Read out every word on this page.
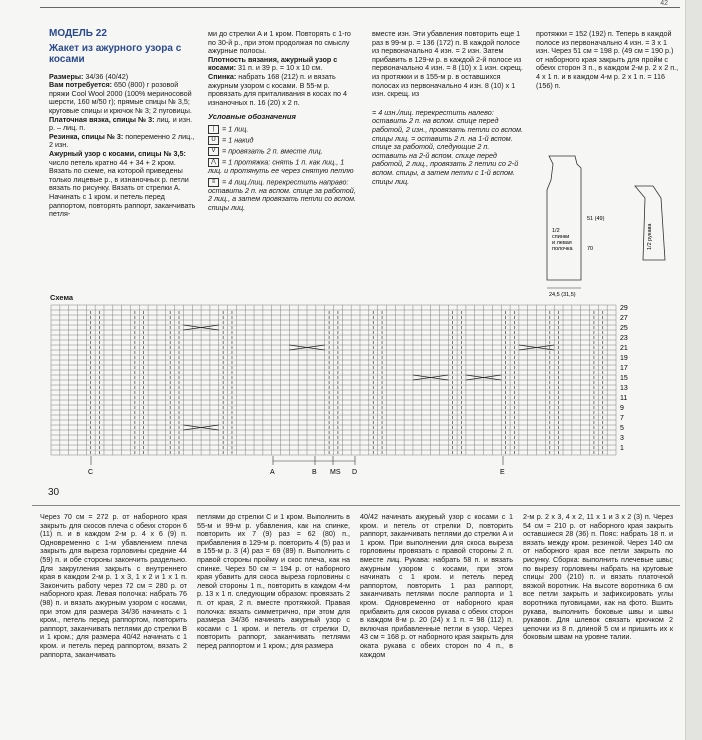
42
МОДЕЛЬ 22
Жакет из ажурного узора с косами

Размеры: 34/36 (40/42)

Вам потребуется: 650 (800) г розовой пряжи Cool Wool 2000 (100% мериносовой шерсти, 160 м/50 г); прямые спицы № 3,5; круговые спицы и крючок № 3; 2 пуговицы.

Платочная вязка, спицы № 3: лиц. и изн. р. – лиц. п.

Резинка, спицы № 3: попеременно 2 лиц., 2 изн.

Ажурный узор с косами, спицы № 3,5: число петель кратно 44 + 34 + 2 кром. Вязать по схеме, на которой приведены только лицевые р., в изнаночных р. петли вязать по рисунку. Вязать от стрелки А. Начинать с 1 кром. и петель перед раппортом, повторять раппорт, заканчивать петля-

ми до стрелки A и 1 кром. Повторять с 1-го по 30-й р., при этом продолжая по смыслу ажурные полосы.

Плотность вязания, ажурный узор с косами: 31 п. и 39 р. = 10 х 10 см.

Спинка: набрать 168 (212) п. и вязать ажурным узором с косами. В 55-м р. провязать для приталивания в косах по 4 изнаночных п. 16 (20) х 2 п.

Условные обозначения

| = 1 лиц.

U = 1 накид

V = провязать 2 п. вместе лиц.

⋀ = 1 протяжка: снять 1 п. как лиц., 1 лиц. и протянуть ее через снятую петлю

≡ = 4 лиц./лиц. перекрестить направо: оставить 2 п. на вспом. спице за работой, 2 лиц., а затем провязать петли со вспом. спицы лиц.

вместе изн. Эти убавления повторить еще 1 раз в 99-м р. = 136 (172) п. В каждой полосе из первоначально 4 изн. = 2 изн. Затем прибавить в 129-м р. в каждой 2-й полосе из первоначально 4 изн. = 8 (10) х 1 изн. скрещ. из протяжки и в 155-м р. в оставшихся полосах из первоначально 4 изн. 8 (10) х 1 изн. скрещ. из

= 4 изн./лиц. перекрестить налево: оставить 2 п. на вспом. спице перед работой, 2 изн., провязать петли со вспом. спицы лиц. = оставить 2 п. на 1-й вспом. спице за работой, следующие 2 п. оставить на 2-й вспом. спице перед работой, 2 лиц., провязать 2 петли со 2-й вспом. спицы, а затем петли с 1-й вспом. спицы лиц.

протяжки = 152 (192) п. Теперь в каждой полосе из первоначально 4 изн. = 3 х 1 изн. Через 51 см = 198 р. (49 см = 190 р.) от наборного края закрыть для пройм с обеих сторон 3 п., в каждом 2-м р. 2 х 2 п., 4 х 1 п. и в каждом 4-м р. 2 х 1 п. = 116 (156) п.

1/2 спинки и левая полочка
24,5 (31,5)
51 (49)
70	1/2 рукава
Схема
29
27
25
23
21
19
17
15
13
11
9
7
5
3
1
C	A	B MS D	E
30

Через 70 см = 272 р. от наборного края закрыть для скосов плеча с обеих сторон 6 (11) п. и в каждом 2-м р. 4 х 6 (9) п. Одновременно с 1-м убавлением плеча закрыть для выреза горловины средние 44 (59) п. и обе стороны закончить раздельно. Для закругления закрыть с внутреннего края в каждом 2-м р. 1 х 3, 1 х 2 и 1 х 1 п. Закончить работу через 72 см = 280 р. от наборного края. Левая полочка: набрать 76 (98) п. и вязать ажурным узором с косами, при этом для размера 34/36 начинать с 1 кром., петель перед раппортом, повторить раппорт, заканчивать петлями до стрелки B и 1 кром.; для размера 40/42 начинать с 1 кром. и петель перед раппортом, вязать 2 раппорта, заканчивать

петлями до стрелки C и 1 кром. Выполнить в 55-м и 99-м р. убавления, как на спинке, повторить их 7 (9) раз = 62 (80) п., прибавления в 129-м р. повторить 4 (5) раз и в 155-м р. 3 (4) раз = 69 (89) п. Выполнить с правой стороны пройму и скос плеча, как на спинке. Через 50 см = 194 р. от наборного края убавить для скоса выреза горловины с левой стороны 1 п., повторить в каждом 4-м р. 13 х 1 п. следующим образом: провязать 2 п. от края, 2 п. вместе протяжкой. Правая полочка: вязать симметрично, при этом для размера 34/36 начинать ажурный узор с косами с 1 кром. и петель от стрелки D, повторить раппорт, заканчивать петлями перед раппортом и 1 кром.; для размера

40/42 начинать ажурный узор с косами с 1 кром. и петель от стрелки D, повторить раппорт, заканчивать петлями до стрелки A и 1 кром. При выполнении для скоса выреза горловины провязать с правой стороны 2 п. вместе лиц. Рукава: набрать 58 п. и вязать ажурным узором с косами, при этом начинать с 1 кром. и петель перед раппортом, повторить 1 раз раппорт, заканчивать петлями после раппорта и 1 кром. Одновременно от наборного края прибавить для скосов рукава с обеих сторон в каждом 8-м р. 20 (24) х 1 п. = 98 (112) п. включая прибавленные петли в узор. Через 43 см = 168 р. от наборного края закрыть для оката рукава с обеих сторон по 4 п., в каждом

2-м р. 2 х 3, 4 х 2, 11 х 1 и 3 х 2 (3) п. Через 54 см = 210 р. от наборного края закрыть оставшиеся 28 (36) п. Пояс: набрать 18 п. и вязать между кром. резинкой. Через 140 см от наборного края все петли закрыть по рисунку. Сборка: выполнить плечевые швы; по вырезу горловины набрать на круговые спицы 200 (210) п. и вязать платочной вязкой воротник. На высоте воротника 6 см все петли закрыть и зафиксировать углы воротника пуговицами, как на фото. Вшить рукава, выполнить боковые швы и швы рукавов. Для шлевок связать крючком 2 цепочки из 8 п. длиной 5 см и пришить их к боковым швам на уровне талии.
